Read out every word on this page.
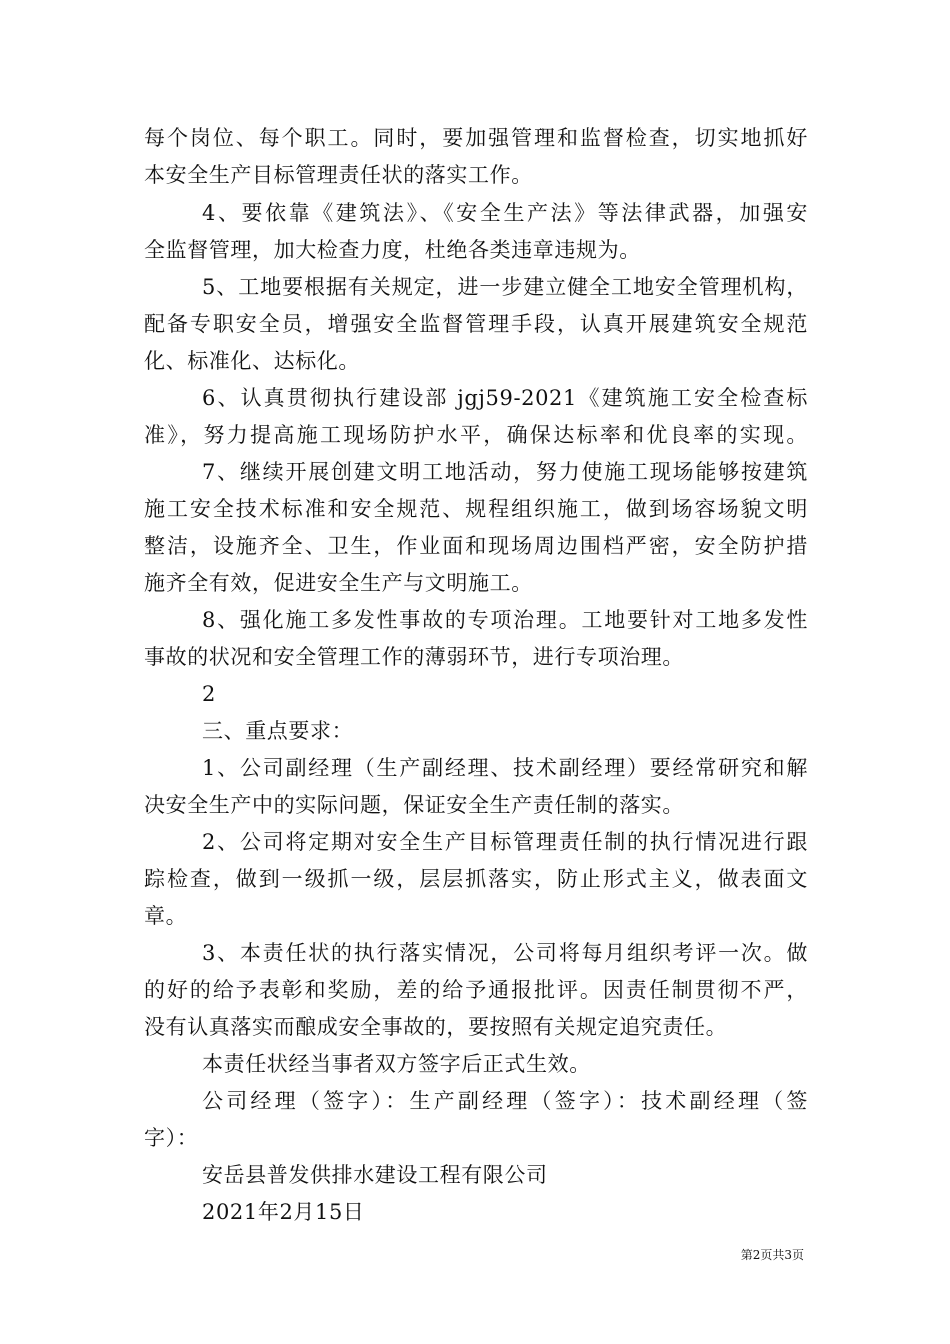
每个岗位、每个职工。同时，要加强管理和监督检查，切实地抓好
本安全生产目标管理责任状的落实工作。
4、要依靠《建筑法》、《安全生产法》等法律武器，加强安
全监督管理，加大检查力度，杜绝各类违章违规为。
5、工地要根据有关规定，进一步建立健全工地安全管理机构，
配备专职安全员，增强安全监督管理手段，认真开展建筑安全规范
化、标准化、达标化。
6、认真贯彻执行建设部 jgj59-2021《建筑施工安全检查标
准》，努力提高施工现场防护水平，确保达标率和优良率的实现。
7、继续开展创建文明工地活动，努力使施工现场能够按建筑
施工安全技术标准和安全规范、规程组织施工，做到场容场貌文明
整洁，设施齐全、卫生，作业面和现场周边围档严密，安全防护措
施齐全有效，促进安全生产与文明施工。
8、强化施工多发性事故的专项治理。工地要针对工地多发性
事故的状况和安全管理工作的薄弱环节，进行专项治理。
2
三、重点要求：
1、公司副经理（生产副经理、技术副经理）要经常研究和解
决安全生产中的实际问题，保证安全生产责任制的落实。
2、公司将定期对安全生产目标管理责任制的执行情况进行跟
踪检查，做到一级抓一级，层层抓落实，防止形式主义，做表面文
章。
3、本责任状的执行落实情况，公司将每月组织考评一次。做
的好的给予表彰和奖励，差的给予通报批评。因责任制贯彻不严，
没有认真落实而酿成安全事故的，要按照有关规定追究责任。
本责任状经当事者双方签字后正式生效。
公司经理（签字）：生产副经理（签字）：技术副经理（签
字）：
安岳县普发供排水建设工程有限公司
2021年2月15日
第2页共3页
